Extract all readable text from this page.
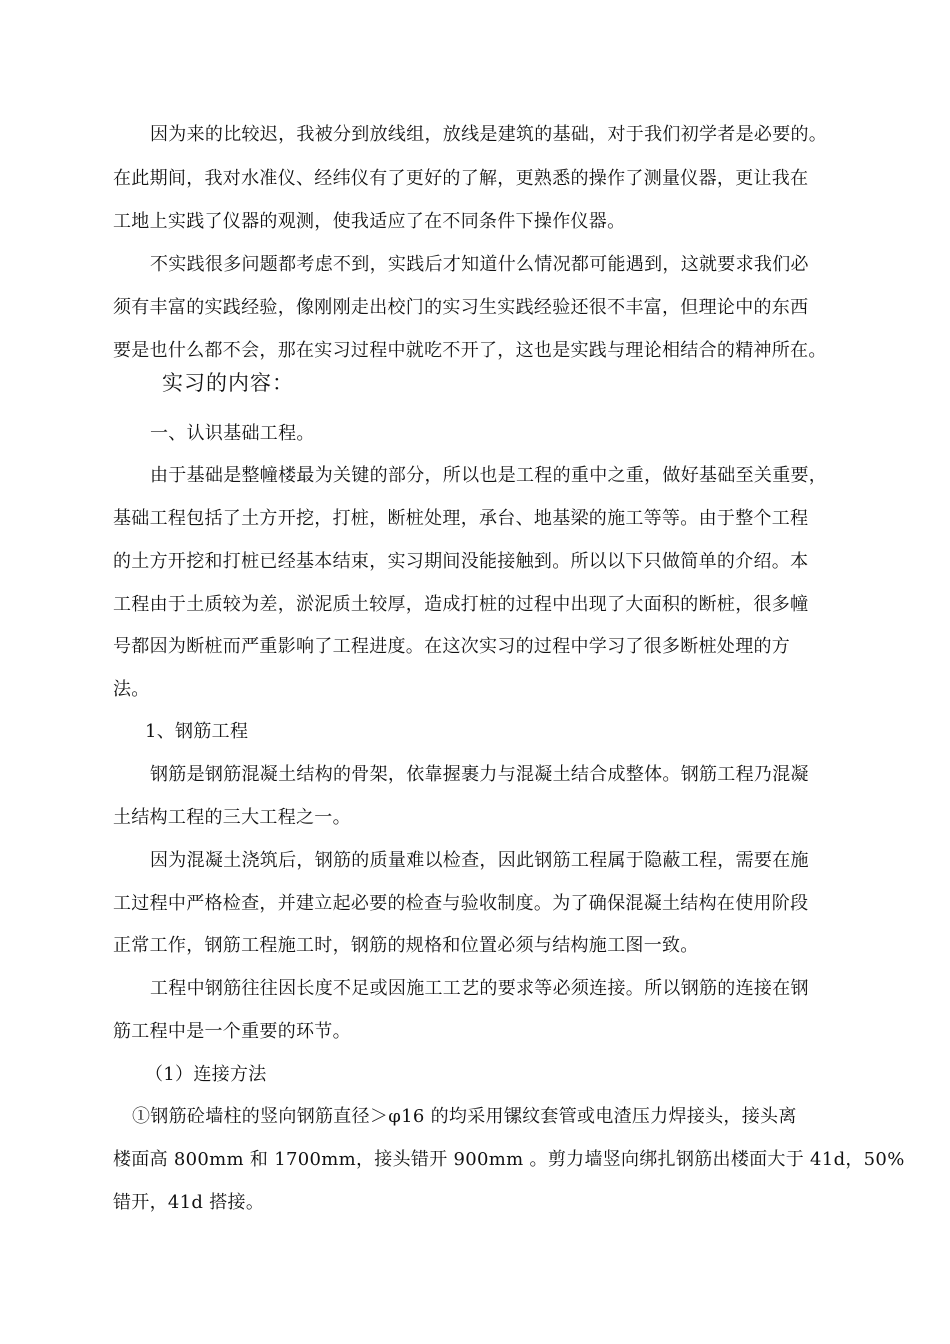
因为来的比较迟，我被分到放线组，放线是建筑的基础，对于我们初学者是必要的。
在此期间，我对水准仪、经纬仪有了更好的了解，更熟悉的操作了测量仪器，更让我在
工地上实践了仪器的观测，使我适应了在不同条件下操作仪器。
不实践很多问题都考虑不到，实践后才知道什么情况都可能遇到，这就要求我们必
须有丰富的实践经验，像刚刚走出校门的实习生实践经验还很不丰富，但理论中的东西
要是也什么都不会，那在实习过程中就吃不开了，这也是实践与理论相结合的精神所在。
实习的内容：
一、认识基础工程。
由于基础是整幢楼最为关键的部分，所以也是工程的重中之重，做好基础至关重要，
基础工程包括了土方开挖，打桩，断桩处理，承台、地基梁的施工等等。由于整个工程
的土方开挖和打桩已经基本结束，实习期间没能接触到。所以以下只做简单的介绍。本
工程由于土质较为差，淤泥质土较厚，造成打桩的过程中出现了大面积的断桩，很多幢
号都因为断桩而严重影响了工程进度。在这次实习的过程中学习了很多断桩处理的方
法。
1、钢筋工程
钢筋是钢筋混凝土结构的骨架，依靠握裹力与混凝土结合成整体。钢筋工程乃混凝
土结构工程的三大工程之一。
因为混凝土浇筑后，钢筋的质量难以检查，因此钢筋工程属于隐蔽工程，需要在施
工过程中严格检查，并建立起必要的检查与验收制度。为了确保混凝土结构在使用阶段
正常工作，钢筋工程施工时，钢筋的规格和位置必须与结构施工图一致。
工程中钢筋往往因长度不足或因施工工艺的要求等必须连接。所以钢筋的连接在钢
筋工程中是一个重要的环节。
（1）连接方法
①钢筋砼墙柱的竖向钢筋直径＞φ16 的均采用镙纹套管或电渣压力焊接头，接头离
楼面高 800mm 和 1700mm，接头错开 900mm 。剪力墙竖向绑扎钢筋出楼面大于 41d，50%
错开，41d 搭接。
